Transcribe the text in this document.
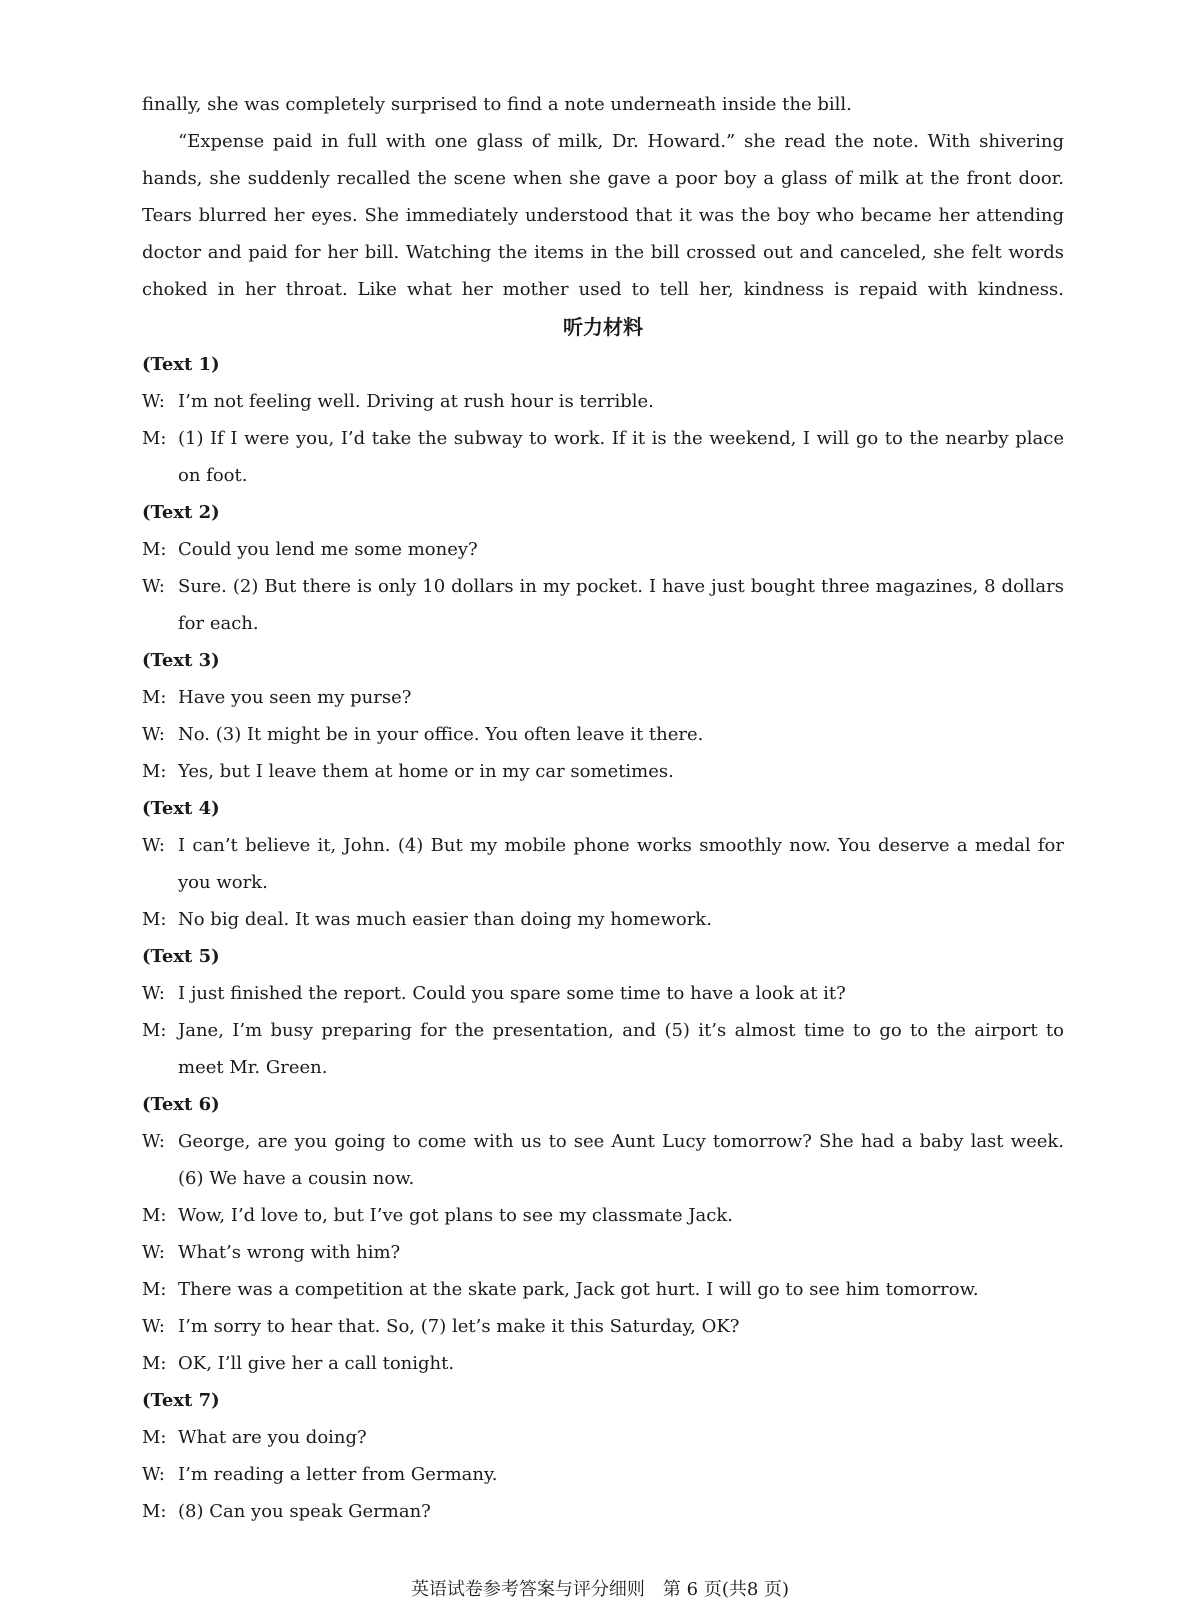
finally, she was completely surprised to find a note underneath inside the bill.

“Expense paid in full with one glass of milk, Dr. Howard.” she read the note. With shivering hands, she suddenly recalled the scene when she gave a poor boy a glass of milk at the front door. Tears blurred her eyes. She immediately understood that it was the boy who became her attending doctor and paid for her bill. Watching the items in the bill crossed out and canceled, she felt words choked in her throat. Like what her mother used to tell her, kindness is repaid with kindness.

听力材料

(Text 1)

W: I’m not feeling well. Driving at rush hour is terrible.
M: (1) If I were you, I’d take the subway to work. If it is the weekend, I will go to the nearby place on foot.

(Text 2)

M: Could you lend me some money?
W: Sure. (2) But there is only 10 dollars in my pocket. I have just bought three magazines, 8 dollars for each.

(Text 3)

M: Have you seen my purse?
W: No. (3) It might be in your office. You often leave it there.
M: Yes, but I leave them at home or in my car sometimes.

(Text 4)

W: I can’t believe it, John. (4) But my mobile phone works smoothly now. You deserve a medal for you work.
M: No big deal. It was much easier than doing my homework.

(Text 5)

W: I just finished the report. Could you spare some time to have a look at it?
M: Jane, I’m busy preparing for the presentation, and (5) it’s almost time to go to the airport to meet Mr. Green.

(Text 6)

W: George, are you going to come with us to see Aunt Lucy tomorrow? She had a baby last week. (6) We have a cousin now.
M: Wow, I’d love to, but I’ve got plans to see my classmate Jack.
W: What’s wrong with him?
M: There was a competition at the skate park, Jack got hurt. I will go to see him tomorrow.
W: I’m sorry to hear that. So, (7) let’s make it this Saturday, OK?
M: OK, I’ll give her a call tonight.

(Text 7)

M: What are you doing?
W: I’m reading a letter from Germany.
M: (8) Can you speak German?
英语试卷参考答案与评分细则　第 6 页(共8 页)
